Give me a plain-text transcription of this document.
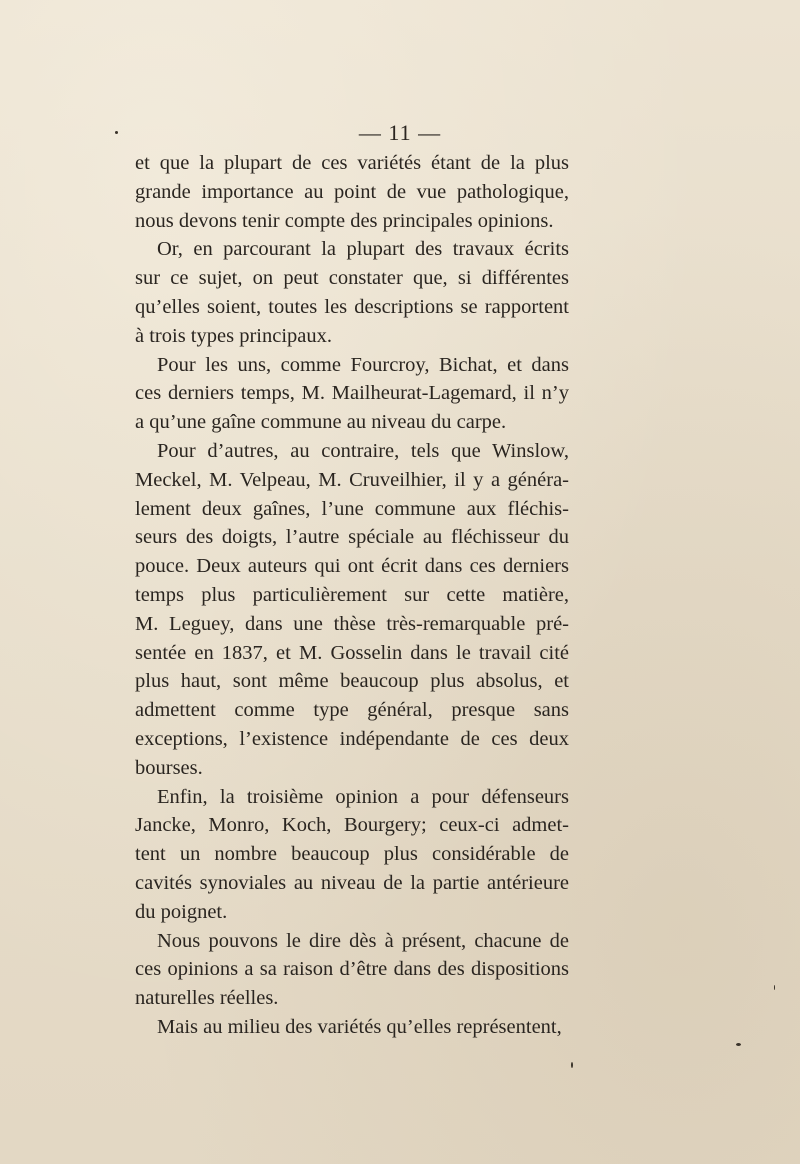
— 11 —
et que la plupart de ces variétés étant de la plus
grande importance au point de vue pathologique,
nous devons tenir compte des principales opinions.
Or, en parcourant la plupart des travaux écrits
sur ce sujet, on peut constater que, si différentes
qu’elles soient, toutes les descriptions se rapportent
à trois types principaux.
Pour les uns, comme Fourcroy, Bichat, et dans
ces derniers temps, M. Mailheurat-Lagemard, il n’y
a qu’une gaîne commune au niveau du carpe.
Pour d’autres, au contraire, tels que Winslow,
Meckel, M. Velpeau, M. Cruveilhier, il y a généra-
lement deux gaînes, l’une commune aux fléchis-
seurs des doigts, l’autre spéciale au fléchisseur du
pouce. Deux auteurs qui ont écrit dans ces derniers
temps plus particulièrement sur cette matière,
M. Leguey, dans une thèse très-remarquable pré-
sentée en 1837, et M. Gosselin dans le travail cité
plus haut, sont même beaucoup plus absolus, et
admettent comme type général, presque sans
exceptions, l’existence indépendante de ces deux
bourses.
Enfin, la troisième opinion a pour défenseurs
Jancke, Monro, Koch, Bourgery; ceux-ci admet-
tent un nombre beaucoup plus considérable de
cavités synoviales au niveau de la partie antérieure
du poignet.
Nous pouvons le dire dès à présent, chacune de
ces opinions a sa raison d’être dans des dispositions
naturelles réelles.
Mais au milieu des variétés qu’elles représentent,
